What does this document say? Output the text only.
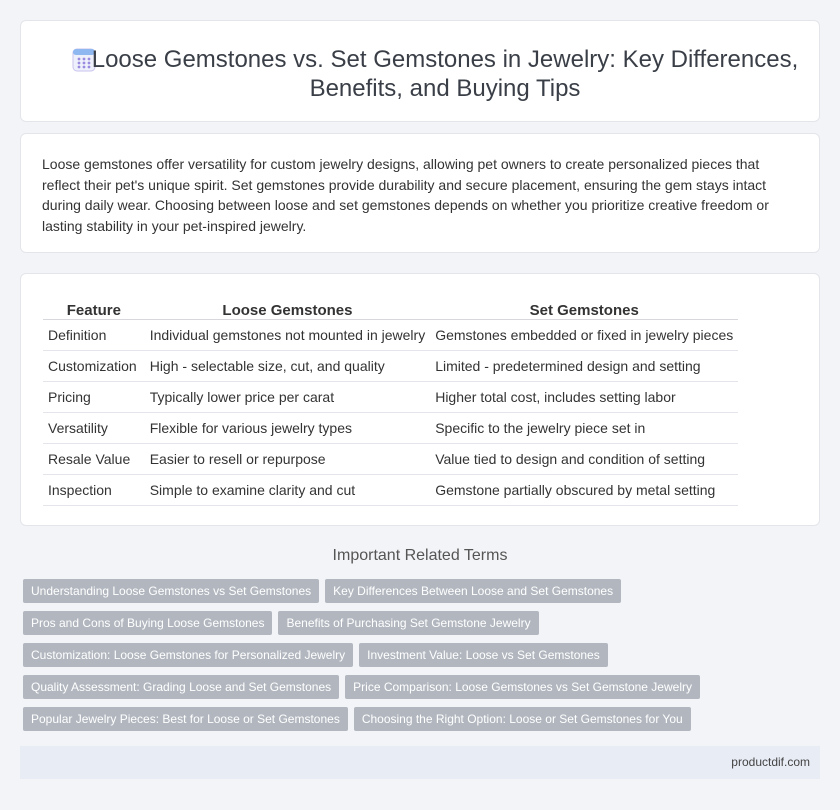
Loose Gemstones vs. Set Gemstones in Jewelry: Key Differences, Benefits, and Buying Tips

Loose gemstones offer versatility for custom jewelry designs, allowing pet owners to create personalized pieces that reflect their pet's unique spirit. Set gemstones provide durability and secure placement, ensuring the gem stays intact during daily wear. Choosing between loose and set gemstones depends on whether you prioritize creative freedom or lasting stability in your pet-inspired jewelry.

Feature	Loose Gemstones	Set Gemstones
Definition	Individual gemstones not mounted in jewelry	Gemstones embedded or fixed in jewelry pieces
Customization	High - selectable size, cut, and quality	Limited - predetermined design and setting
Pricing	Typically lower price per carat	Higher total cost, includes setting labor
Versatility	Flexible for various jewelry types	Specific to the jewelry piece set in
Resale Value	Easier to resell or repurpose	Value tied to design and condition of setting
Inspection	Simple to examine clarity and cut	Gemstone partially obscured by metal setting
Important Related Terms
Understanding Loose Gemstones vs Set Gemstones	Key Differences Between Loose and Set Gemstones
Pros and Cons of Buying Loose Gemstones	Benefits of Purchasing Set Gemstone Jewelry
Customization: Loose Gemstones for Personalized Jewelry	Investment Value: Loose vs Set Gemstones
Quality Assessment: Grading Loose and Set Gemstones	Price Comparison: Loose Gemstones vs Set Gemstone Jewelry
Popular Jewelry Pieces: Best for Loose or Set Gemstones	Choosing the Right Option: Loose or Set Gemstones for You
productdif.com
